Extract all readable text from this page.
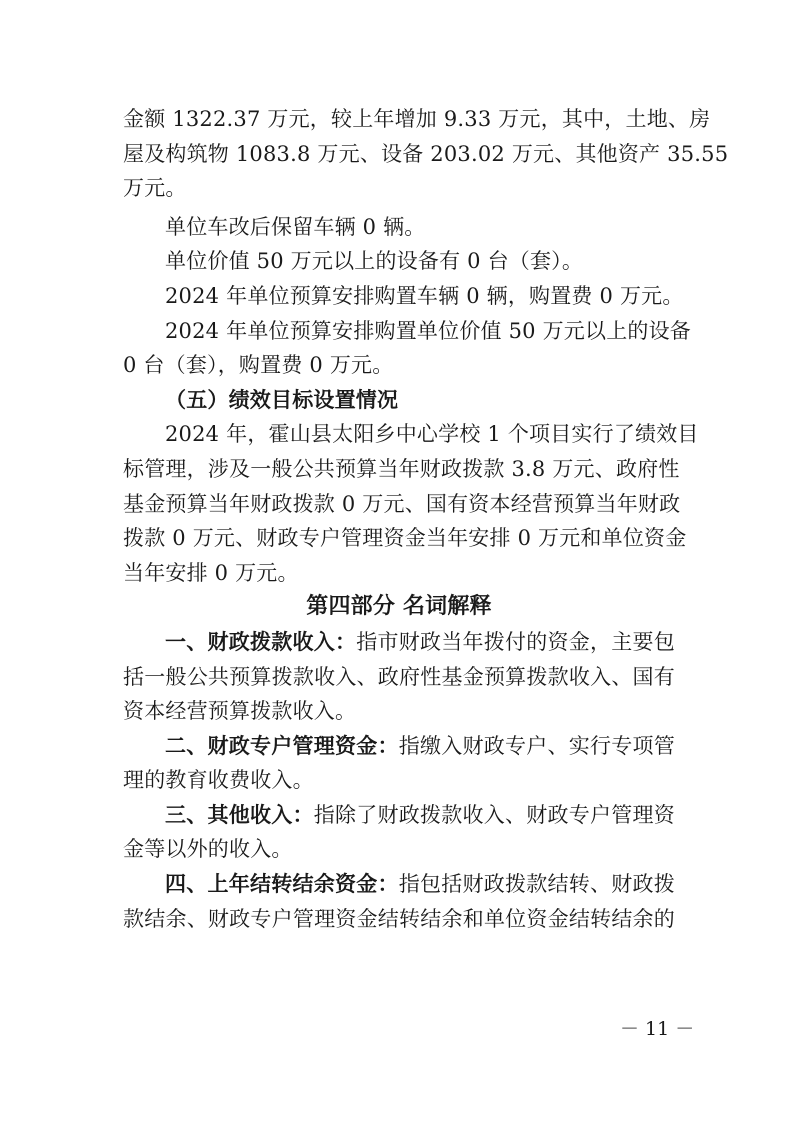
金额 1322.37 万元，较上年增加 9.33 万元，其中，土地、房
屋及构筑物 1083.8 万元、设备 203.02 万元、其他资产 35.55
万元。
单位车改后保留车辆 0 辆。
单位价值 50 万元以上的设备有 0 台（套）。
2024 年单位预算安排购置车辆 0 辆，购置费 0 万元。
2024 年单位预算安排购置单位价值 50 万元以上的设备
0 台（套），购置费 0 万元。
（五）绩效目标设置情况
2024 年，霍山县太阳乡中心学校 1 个项目实行了绩效目
标管理，涉及一般公共预算当年财政拨款 3.8 万元、政府性
基金预算当年财政拨款 0 万元、国有资本经营预算当年财政
拨款 0 万元、财政专户管理资金当年安排 0 万元和单位资金
当年安排 0 万元。
第四部分 名词解释
一、财政拨款收入：指市财政当年拨付的资金，主要包
括一般公共预算拨款收入、政府性基金预算拨款收入、国有
资本经营预算拨款收入。
二、财政专户管理资金：指缴入财政专户、实行专项管
理的教育收费收入。
三、其他收入：指除了财政拨款收入、财政专户管理资
金等以外的收入。
四、上年结转结余资金：指包括财政拨款结转、财政拨
款结余、财政专户管理资金结转结余和单位资金结转结余的
－ 11 －
